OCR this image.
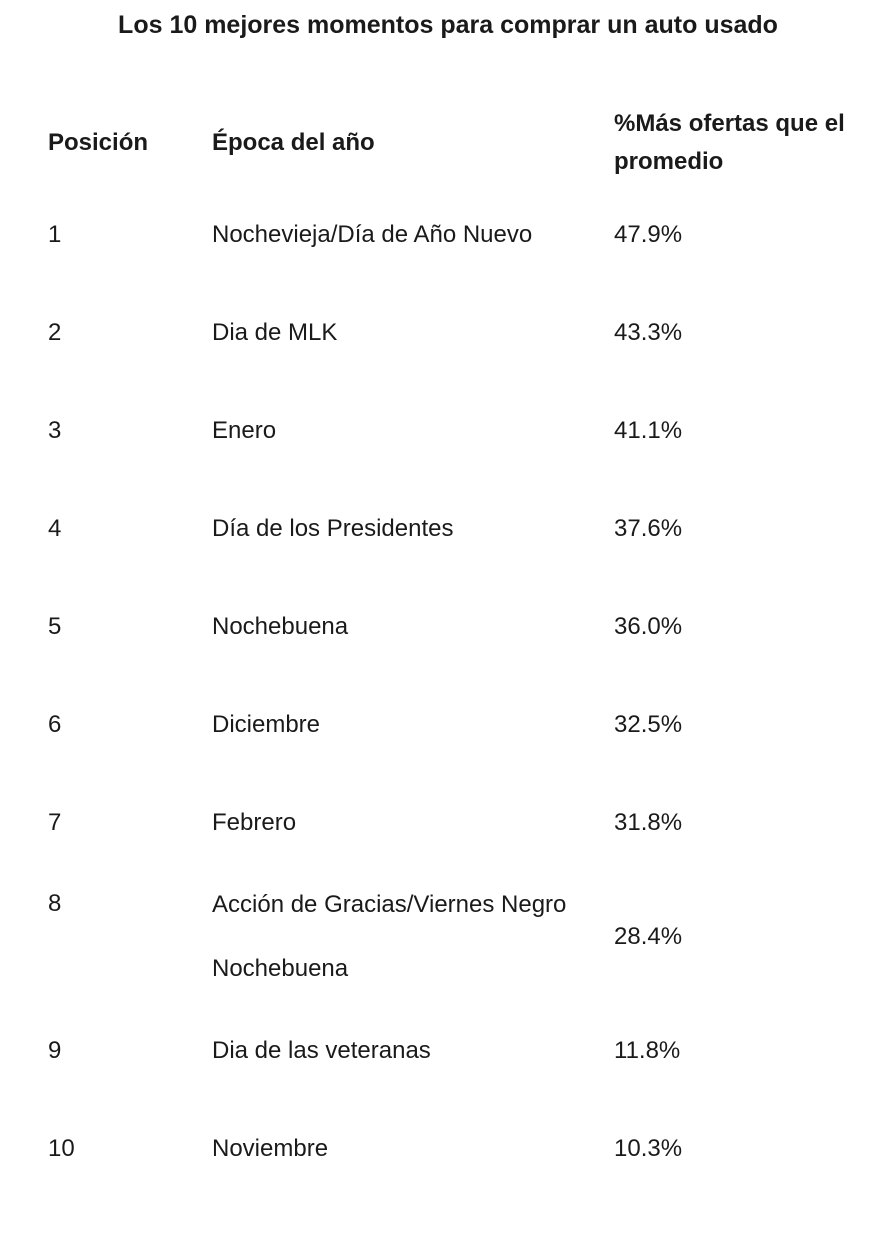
Los 10 mejores momentos para comprar un auto usado
Posición	Época del año	%Más ofertas que el promedio
1	Nochevieja/Día de Año Nuevo	47.9%
2	Dia de MLK	43.3%
3	Enero	41.1%
4	Día de los Presidentes	37.6%
5	Nochebuena	36.0%
6	Diciembre	32.5%
7	Febrero	31.8%
8	Acción de Gracias/Viernes Negro Nochebuena	28.4%
9	Dia de las veteranas	11.8%
10	Noviembre	10.3%
